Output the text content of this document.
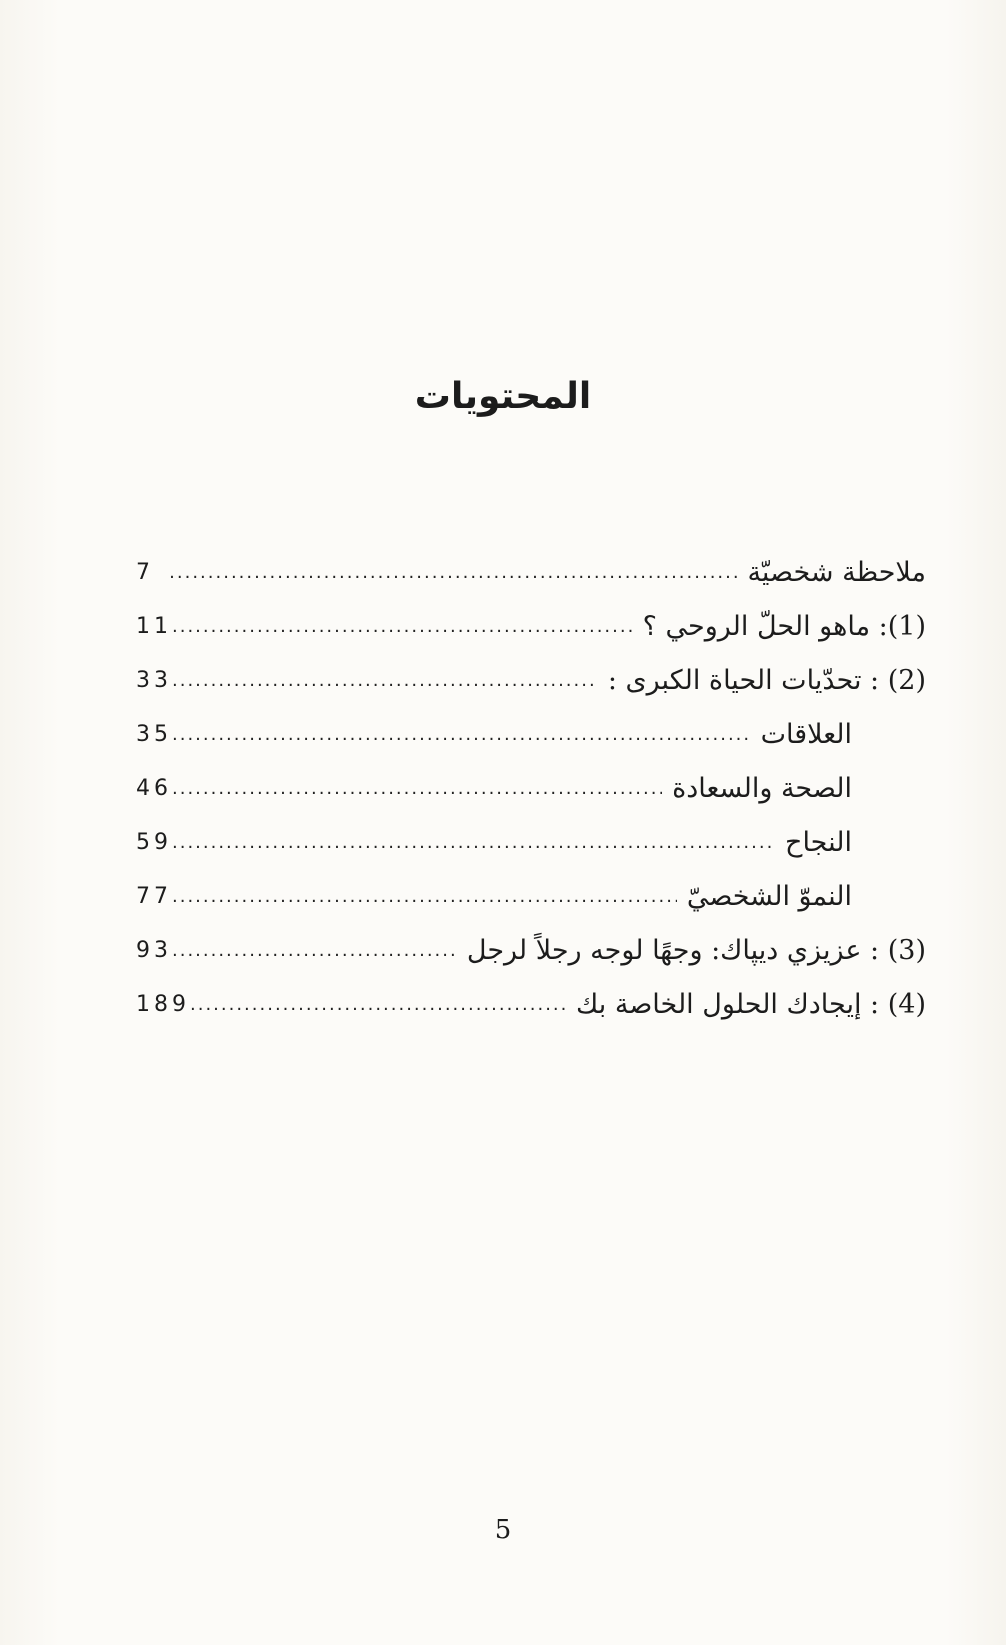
المحتويات
ملاحظة شخصيّة
.....
7
(1): ماهو الحلّ الروحي ؟
.....
11
(2) : تحدّيات الحياة الكبرى :
.....
33
العلاقات
.....
35
الصحة والسعادة
.....
46
النجاح
.....
59
النموّ الشخصيّ
.....
77
(3) : عزيزي ديپاك: وجهًا لوجه رجلاً لرجل
.....
93
(4) : إيجادك الحلول الخاصة بك
.....
189
5
